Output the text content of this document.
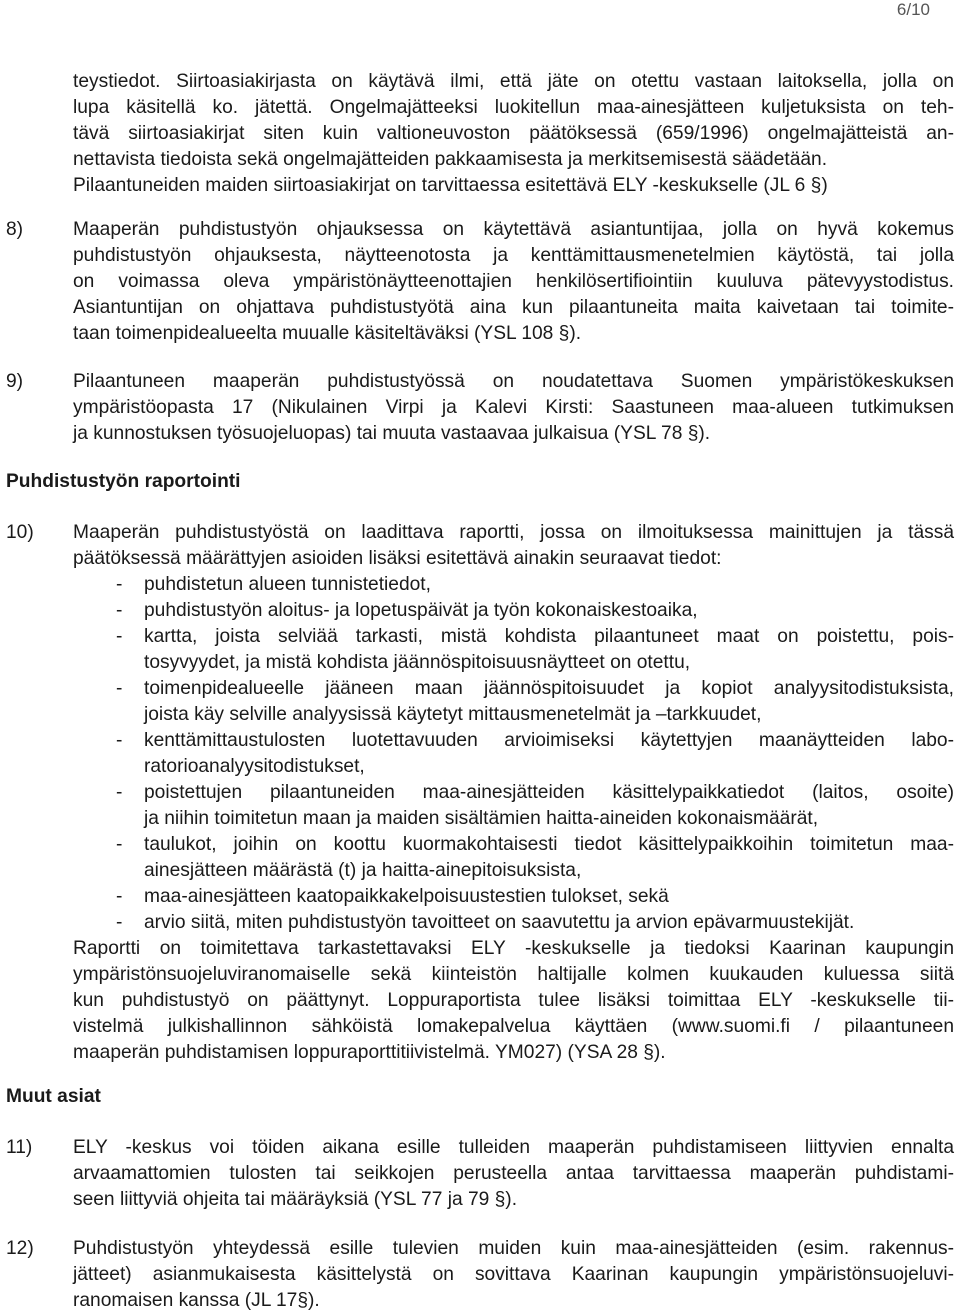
6/10
teystiedot. Siirtoasiakirjasta on käytävä ilmi, että jäte on otettu vastaan laitoksella, jolla on
lupa käsitellä ko. jätettä. Ongelmajätteeksi luokitellun maa-ainesjätteen kuljetuksista on teh-
tävä siirtoasiakirjat siten kuin valtioneuvoston päätöksessä (659/1996) ongelmajätteistä an-
nettavista tiedoista sekä ongelmajätteiden pakkaamisesta ja merkitsemisestä säädetään.
Pilaantuneiden maiden siirtoasiakirjat on tarvittaessa esitettävä ELY -keskukselle (JL 6 §)
8)	Maaperän puhdistustyön ohjauksessa on käytettävä asiantuntijaa, jolla on hyvä kokemus
puhdistustyön ohjauksesta, näytteenotosta ja kenttämittausmenetelmien käytöstä, tai jolla
on voimassa oleva ympäristönäytteenottajien henkilösertifiointiin kuuluva pätevyystodistus.
Asiantuntijan on ohjattava puhdistustyötä aina kun pilaantuneita maita kaivetaan tai toimite-
taan toimenpidealueelta muualle käsiteltäväksi (YSL 108 §).
9)	Pilaantuneen maaperän puhdistustyössä on noudatettava Suomen ympäristökeskuksen
ympäristöopasta 17 (Nikulainen Virpi ja Kalevi Kirsti: Saastuneen maa-alueen tutkimuksen
ja kunnostuksen työsuojeluopas) tai muuta vastaavaa julkaisua (YSL 78 §).
Puhdistustyön raportointi
10) Maaperän puhdistustyöstä on laadittava raportti, jossa on ilmoituksessa mainittujen ja tässä
päätöksessä määrättyjen asioiden lisäksi esitettävä ainakin seuraavat tiedot:
- puhdistetun alueen tunnistetiedot,
- puhdistustyön aloitus- ja lopetuspäivät ja työn kokonaiskestoaika,
- kartta, joista selviää tarkasti, mistä kohdista pilaantuneet maat on poistettu, pois-
tosyvyydet, ja mistä kohdista jäännöspitoisuusnäytteet on otettu,
- toimenpidealueelle jääneen maan jäännöspitoisuudet ja kopiot analyysitodistuksista,
joista käy selville analyysissä käytetyt mittausmenetelmät ja –tarkkuudet,
- kenttämittaustulosten luotettavuuden arvioimiseksi käytettyjen maanäytteiden labo-
ratorioanalyysitodistukset,
- poistettujen pilaantuneiden maa-ainesjätteiden käsittelypaikkatiedot (laitos, osoite)
ja niihin toimitetun maan ja maiden sisältämien haitta-aineiden kokonaismäärät,
- taulukot, joihin on koottu kuormakohtaisesti tiedot käsittelypaikkoihin toimitetun maa-
ainesjätteen määrästä (t) ja haitta-ainepitoisuksista,
- maa-ainesjätteen kaatopaikkakelpoisuustestien tulokset, sekä
- arvio siitä, miten puhdistustyön tavoitteet on saavutettu ja arvion epävarmuustekijät.
Raportti on toimitettava tarkastettavaksi ELY -keskukselle ja tiedoksi Kaarinan kaupungin
ympäristönsuojeluviranomaiselle sekä kiinteistön haltijalle kolmen kuukauden kuluessa siitä
kun puhdistustyö on päättynyt. Loppuraportista tulee lisäksi toimittaa ELY -keskukselle tii-
vistelmä julkishallinnon sähköistä lomakepalvelua käyttäen (www.suomi.fi / pilaantuneen
maaperän puhdistamisen loppuraporttitiivistelmä. YM027) (YSA 28 §).
Muut asiat
11) ELY -keskus voi töiden aikana esille tulleiden maaperän puhdistamiseen liittyvien ennalta
arvaamattomien tulosten tai seikkojen perusteella antaa tarvittaessa maaperän puhdistami-
seen liittyviä ohjeita tai määräyksiä (YSL 77 ja 79 §).
12) Puhdistustyön yhteydessä esille tulevien muiden kuin maa-ainesjätteiden (esim. rakennus-
jätteet) asianmukaisesta käsittelystä on sovittava Kaarinan kaupungin ympäristönsuojeluvi-
ranomaisen kanssa (JL 17§).
